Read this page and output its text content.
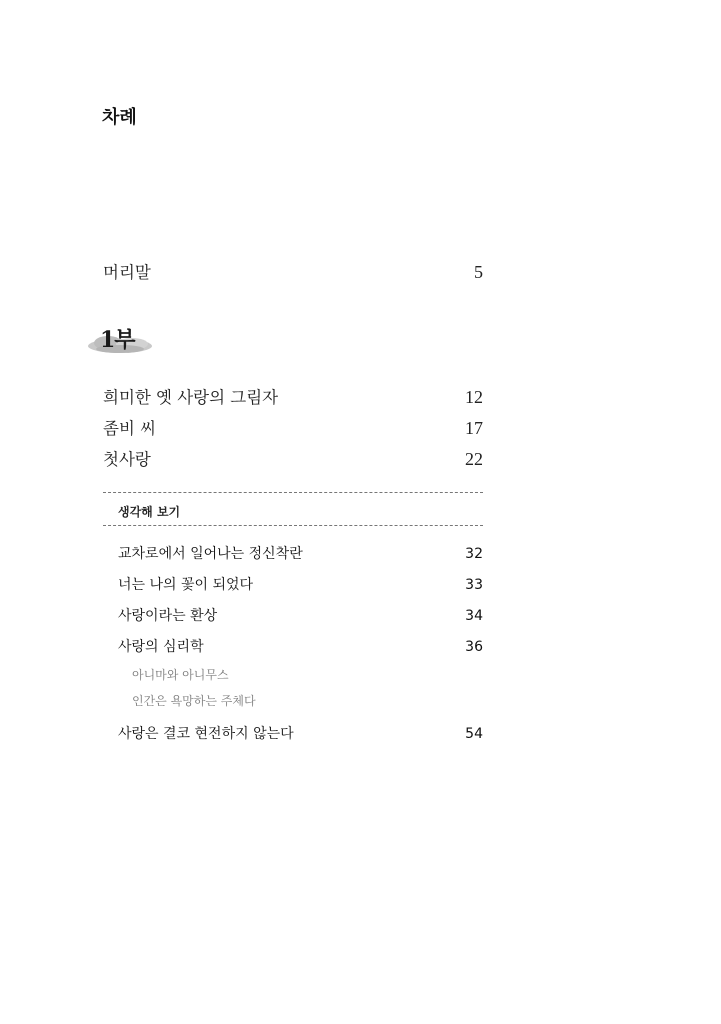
차례
머리말	5
1부
희미한 옛 사랑의 그림자	12
좀비 씨	17
첫사랑	22
생각해 보기
교차로에서 일어나는 정신착란	32
너는 나의 꽃이 되었다	33
사랑이라는 환상	34
사랑의 심리학	36
아니마와 아니무스
인간은 욕망하는 주체다
사랑은 결코 현전하지 않는다	54
